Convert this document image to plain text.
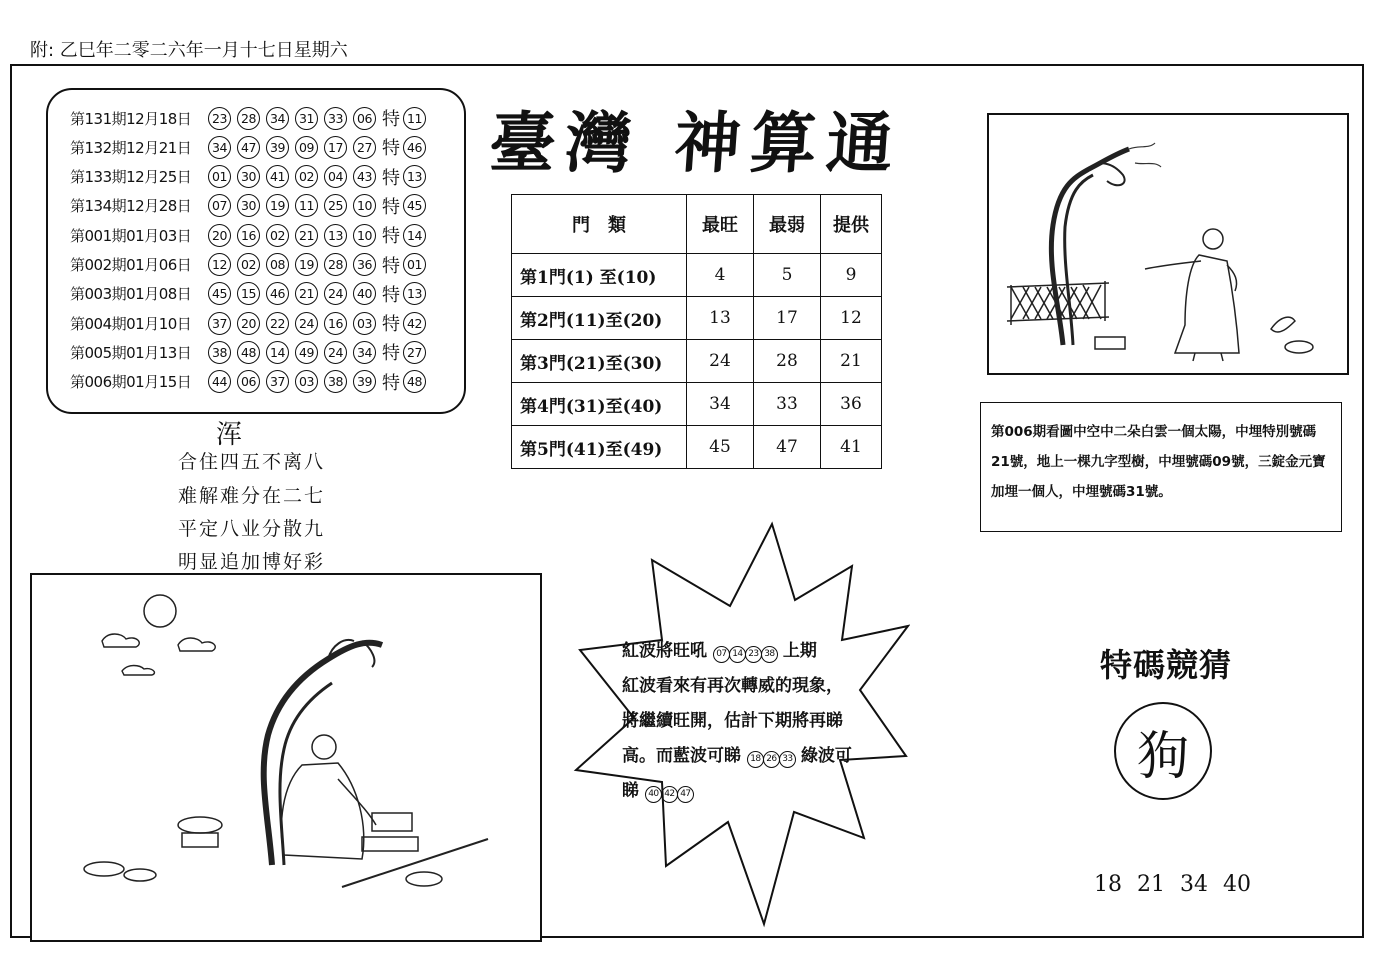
附: 乙巳年二零二六年一月十七日星期六
第131期12月18日	23	28	34	31	33	06 特 11
第132期12月21日	34	47	39	09	17	27 特 46
第133期12月25日	01	30	41	02	04	43 特 13
第134期12月28日	07	30	19	11	25	10 特 45
第001期01月03日	20	16	02	21	13	10 特 14
第002期01月06日	12	02	08	19	28	36 特 01
第003期01月08日	45	15	46	21	24	40 特 13
第004期01月10日	37	20	22	24	16	03 特 42
第005期01月13日	38	48	14	49	24	34 特 27
第006期01月15日	44	06	37	03	38	39 特 48
浑
合住四五不离八
难解难分在二七
平定八业分散九
明显追加博好彩
臺灣 神算通
門　類	最旺	最弱	提供
第1門(1) 至(10)	4	5	9
第2門(11)至(20)	13	17	12
第3門(21)至(30)	24	28	21
第4門(31)至(40)	34	33	36
第5門(41)至(49)	45	47	41
第006期看圖中空中二朵白雲一個太陽，中埋特別號碼21號，地上一棵九字型樹，中埋號碼09號，三錠金元寶加埋一個人，中埋號碼31號。
紅波將旺吼 07 14 23 38 上期
紅波看來有再次轉威的現象，
將繼續旺開，估計下期將再睇
高。而藍波可睇 18 26 33 綠波可
睇 40 42 47
特碼競猜
狗
18 21 34 40
